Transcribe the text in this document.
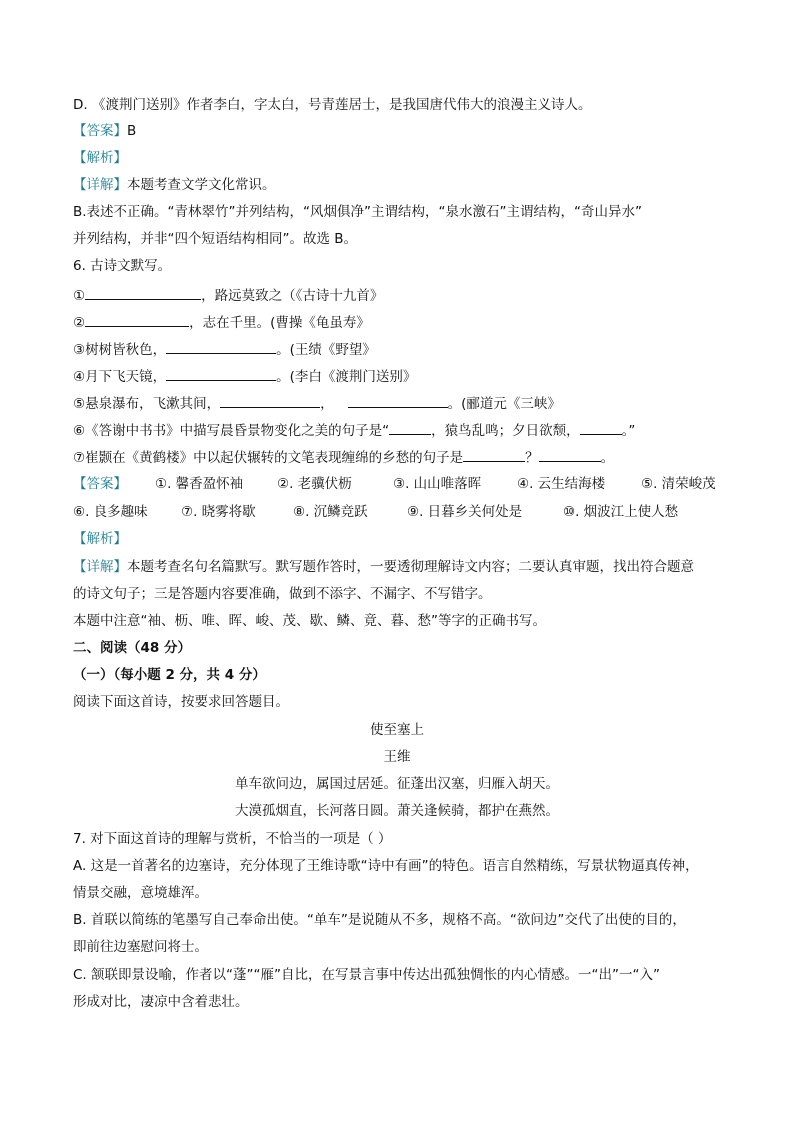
D. 《渡荆门送别》作者李白，字太白，号青莲居士，是我国唐代伟大的浪漫主义诗人。
【答案】B
【解析】
【详解】本题考查文学文化常识。
B.表述不正确。“青林翠竹”并列结构，“风烟俱净”主谓结构，“泉水激石”主谓结构，“奇山异水”
并列结构，并非“四个短语结构相同”。故选 B。
6. 古诗文默写。
①	，路远莫致之（《古诗十九首》
②	，志在千里。(曹操《龟虽寿》
③树树皆秋色，	。(王绩《野望》
④月下飞天镜，	。(李白《渡荆门送别》
⑤悬泉瀑布，飞漱其间，	，	。(郦道元《三峡》
⑥《答谢中书书》中描写晨昏景物变化之美的句子是“	，猿鸟乱鸣；夕日欲颓，	。”
⑦崔颢在《黄鹤楼》中以起伏辗转的文笔表现缠绵的乡愁的句子是	？	。
【答案】 ①. 馨香盈怀袖	②. 老骥伏枥	③. 山山唯落晖	④. 云生结海楼	⑤. 清荣峻茂
⑥. 良多趣味 ⑦. 晓雾将歇	⑧. 沉鳞竞跃	⑨. 日暮乡关何处是	⑩. 烟波江上使人愁
【解析】
【详解】本题考查名句名篇默写。默写题作答时，一要透彻理解诗文内容；二要认真审题，找出符合题意
的诗文句子；三是答题内容要准确，做到不添字、不漏字、不写错字。
本题中注意“袖、枥、唯、晖、峻、茂、歇、鳞、竟、暮、愁”等字的正确书写。
二、阅读（48 分）
（一）（每小题 2 分，共 4 分）
阅读下面这首诗，按要求回答题目。
使至塞上
王维
单车欲问边，属国过居延。征蓬出汉塞，归雁入胡天。
大漠孤烟直，长河落日圆。萧关逢候骑，都护在燕然。
7. 对下面这首诗的理解与赏析，不恰当的一项是（ ）
A. 这是一首著名的边塞诗，充分体现了王维诗歌“诗中有画”的特色。语言自然精练，写景状物逼真传神，
情景交融，意境雄浑。
B. 首联以简练的笔墨写自己奉命出使。“单车”是说随从不多，规格不高。“欲问边”交代了出使的目的，
即前往边塞慰问将士。
C. 颔联即景设喻，作者以“蓬”“雁”自比，在写景言事中传达出孤独惆怅的内心情感。一“出”一“入”
形成对比，凄凉中含着悲壮。
